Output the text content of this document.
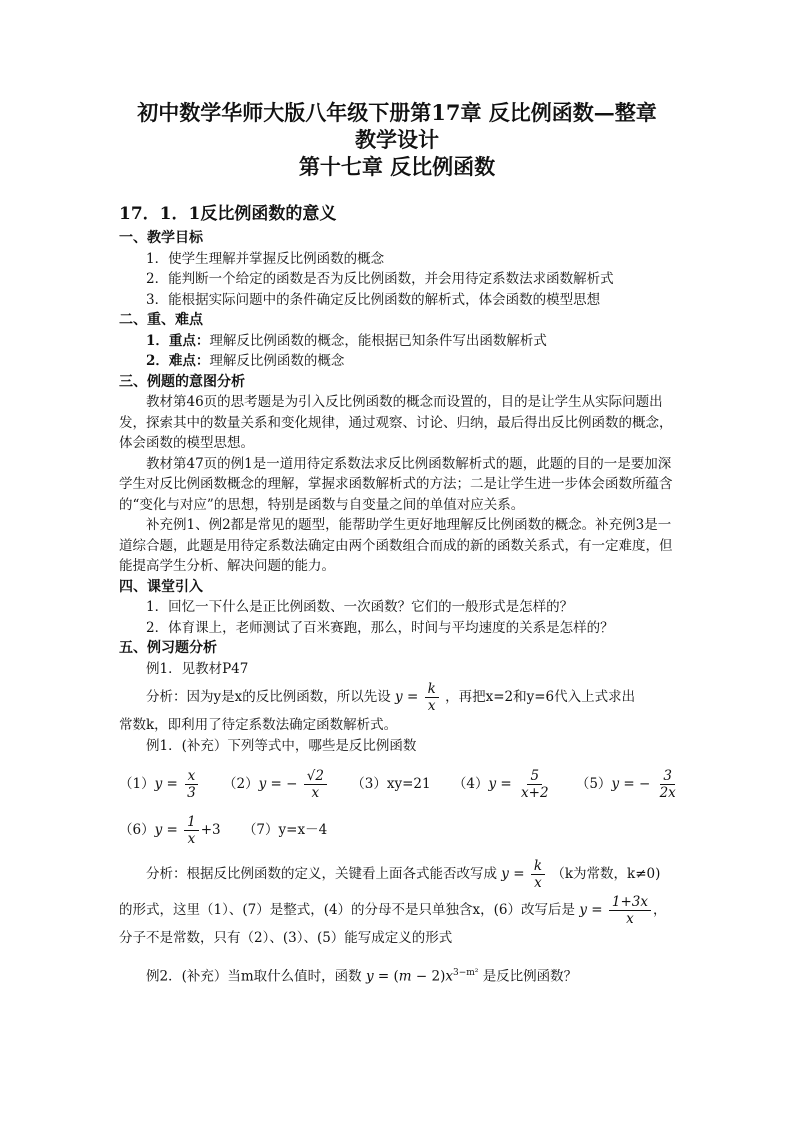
初中数学华师大版八年级下册第17章 反比例函数—整章

教学设计

第十七章 反比例函数

17．1．1反比例函数的意义

一、教学目标

1．使学生理解并掌握反比例函数的概念

2．能判断一个给定的函数是否为反比例函数，并会用待定系数法求函数解析式

3．能根据实际问题中的条件确定反比例函数的解析式，体会函数的模型思想

二、重、难点

1．重点：理解反比例函数的概念，能根据已知条件写出函数解析式

2．难点：理解反比例函数的概念

三、例题的意图分析

教材第46页的思考题是为引入反比例函数的概念而设置的，目的是让学生从实际问题出发，探索其中的数量关系和变化规律，通过观察、讨论、归纳，最后得出反比例函数的概念，体会函数的模型思想。

教材第47页的例1是一道用待定系数法求反比例函数解析式的题，此题的目的一是要加深学生对反比例函数概念的理解，掌握求函数解析式的方法；二是让学生进一步体会函数所蕴含的“变化与对应”的思想，特别是函数与自变量之间的单值对应关系。

补充例1、例2都是常见的题型，能帮助学生更好地理解反比例函数的概念。补充例3是一道综合题，此题是用待定系数法确定由两个函数组合而成的新的函数关系式，有一定难度，但能提高学生分析、解决问题的能力。

四、课堂引入

1．回忆一下什么是正比例函数、一次函数？它们的一般形式是怎样的？

2．体育课上，老师测试了百米赛跑，那么，时间与平均速度的关系是怎样的？

五、例习题分析

例1．见教材P47

分析：因为y是x的反比例函数，所以先设 $y = \frac{k}{x}$ ，再把x=2和y=6代入上式求出

常数k，即利用了待定系数法确定函数解析式。

例1．(补充）下列等式中，哪些是反比例函数

$(1)y = \frac{x}{3} (2)y$ = − $\frac{√2}{x} (3)xy=21$ $(4)y = \frac{5}{x+2} (5)y$ = − $\frac{3}{2x}$

$(6)y = \frac{1}{x} +3$ （7）y=x－4

分析：根据反比例函数的定义，关键看上面各式能否改写成 $y = \frac{k}{x} (k$为常数，k≠0)

的形式，这里（1）、(7）是整式，(4）的分母不是只单独含x，(6）改写后是 $y = \frac{1+3x}{x}$ ，

分子不是常数，只有（2）、(3）、(5）能写成定义的形式

例2．(补充）当m取什么值时，函数 $y = (m - 2)x^{3-m^2}$ 是反比例函数？
